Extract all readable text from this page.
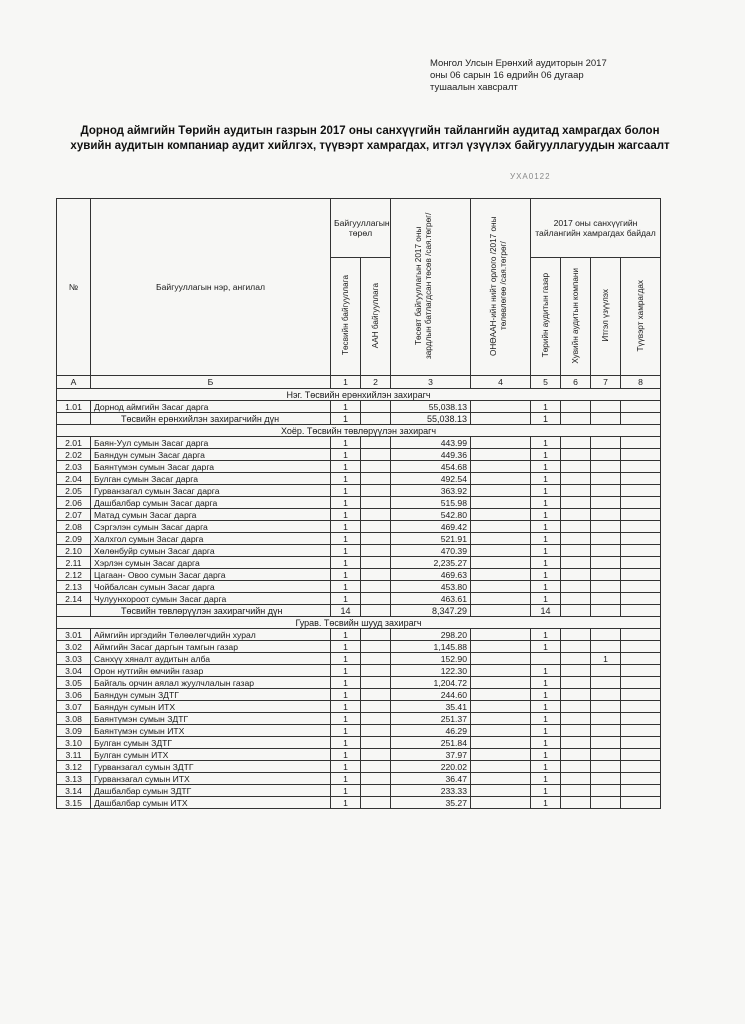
Монгол Улсын Ерөнхий аудиторын 2017
оны 06 сарын 16 өдрийн 06 дугаар
тушаалын хавсралт
Дорнод аймгийн Төрийн аудитын газрын 2017 оны санхүүгийн тайлангийн аудитад хамрагдах болон хувийн аудитын компаниар аудит хийлгэх, түүвэрт хамрагдах, итгэл үзүүлэх байгууллагуудын жагсаалт
УХА0122
№	Байгууллагын нэр, ангилал	Байгууллагын төрөл		Төсөвт байгууллагын 2017 оны зардлын батлагдсан төсөв /сая.төгрөг/	ОНӨААН-ийн нийт орлого /2017 оны төлөвлөгөө /сая.төгрөг/	2017 оны санхүүгийн тайлангийн хамрагдах байдал			
		Төсвийн байгууллага	ААН байгууллага			Төрийн аудитын газар	Хувийн аудитын компани	Итгэл үзүүлэх	Түүвэрт хамрагдах
А	Б	1	2	3	4	5	6	7	8
Нэг. Төсвийн ерөнхийлэн захирагч									
1.01	Дорнод аймгийн Засаг дарга	1		55,038.13		1			
	Төсвийн ерөнхийлэн захирагчийн дүн	1		55,038.13		1			
Хоёр. Төсвийн төвлөрүүлэн захирагч									
2.01	Баян-Уул сумын Засаг дарга	1		443.99		1			
2.02	Баяндун сумын Засаг дарга	1		449.36		1			
2.03	Баянтүмэн сумын Засаг дарга	1		454.68		1			
2.04	Булган сумын Засаг дарга	1		492.54		1			
2.05	Гурванзагал сумын Засаг дарга	1		363.92		1			
2.06	Дашбалбар сумын Засаг дарга	1		515.98		1			
2.07	Матад сумын Засаг дарга	1		542.80		1			
2.08	Сэргэлэн сумын Засаг дарга	1		469.42		1			
2.09	Халхгол сумын Засаг дарга	1		521.91		1			
2.10	Хөлөнбуйр сумын Засаг дарга	1		470.39		1			
2.11	Хэрлэн сумын Засаг дарга	1		2,235.27		1			
2.12	Цагаан- Овоо сумын Засаг дарга	1		469.63		1			
2.13	Чойбалсан сумын Засаг дарга	1		453.80		1			
2.14	Чулуунхороот сумын Засаг дарга	1		463.61		1			
	Төсвийн төвлөрүүлэн захирагчийн дүн	14		8,347.29		14			
Гурав. Төсвийн шууд захирагч									
3.01	Аймгийн иргэдийн Төлөөлөгчдийн хурал	1		298.20		1			
3.02	Аймгийн Засаг даргын тамгын газар	1		1,145.88		1			
3.03	Санхүү хяналт аудитын алба	1		152.90				1	
3.04	Орон нутгийн өмчийн газар	1		122.30		1			
3.05	Байгаль орчин аялал жуулчлалын газар	1		1,204.72		1			
3.06	Баяндун сумын ЗДТГ	1		244.60		1			
3.07	Баяндун сумын ИТХ	1		35.41		1			
3.08	Баянтүмэн сумын ЗДТГ	1		251.37		1			
3.09	Баянтүмэн сумын ИТХ	1		46.29		1			
3.10	Булган сумын ЗДТГ	1		251.84		1			
3.11	Булган сумын ИТХ	1		37.97		1			
3.12	Гурванзагал сумын ЗДТГ	1		220.02		1			
3.13	Гурванзагал сумын ИТХ	1		36.47		1			
3.14	Дашбалбар сумын ЗДТГ	1		233.33		1			
3.15	Дашбалбар сумын ИТХ	1		35.27		1			
